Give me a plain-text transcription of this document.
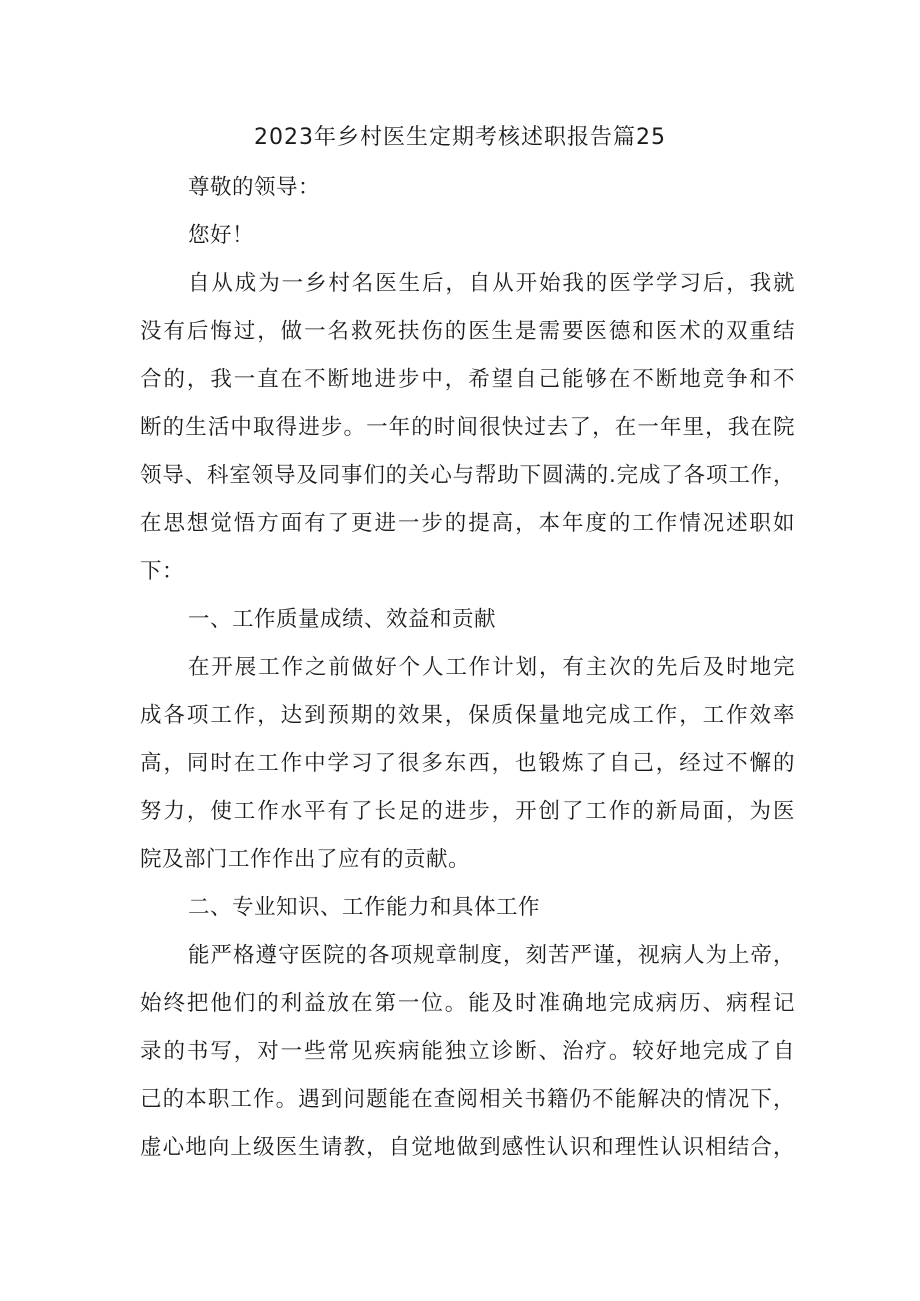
2023年乡村医生定期考核述职报告篇25

尊敬的领导：

您好！

自从成为一乡村名医生后，自从开始我的医学学习后，我就
没有后悔过，做一名救死扶伤的医生是需要医德和医术的双重结
合的，我一直在不断地进步中，希望自己能够在不断地竞争和不
断的生活中取得进步。一年的时间很快过去了，在一年里，我在院
领导、科室领导及同事们的关心与帮助下圆满的.完成了各项工作，
在思想觉悟方面有了更进一步的提高，本年度的工作情况述职如
下：

一、工作质量成绩、效益和贡献

在开展工作之前做好个人工作计划，有主次的先后及时地完
成各项工作，达到预期的效果，保质保量地完成工作，工作效率
高，同时在工作中学习了很多东西，也锻炼了自己，经过不懈的
努力，使工作水平有了长足的进步，开创了工作的新局面，为医
院及部门工作作出了应有的贡献。

二、专业知识、工作能力和具体工作

能严格遵守医院的各项规章制度，刻苦严谨，视病人为上帝，
始终把他们的利益放在第一位。能及时准确地完成病历、病程记
录的书写，对一些常见疾病能独立诊断、治疗。较好地完成了自
己的本职工作。遇到问题能在查阅相关书籍仍不能解决的情况下，
虚心地向上级医生请教，自觉地做到感性认识和理性认识相结合，
